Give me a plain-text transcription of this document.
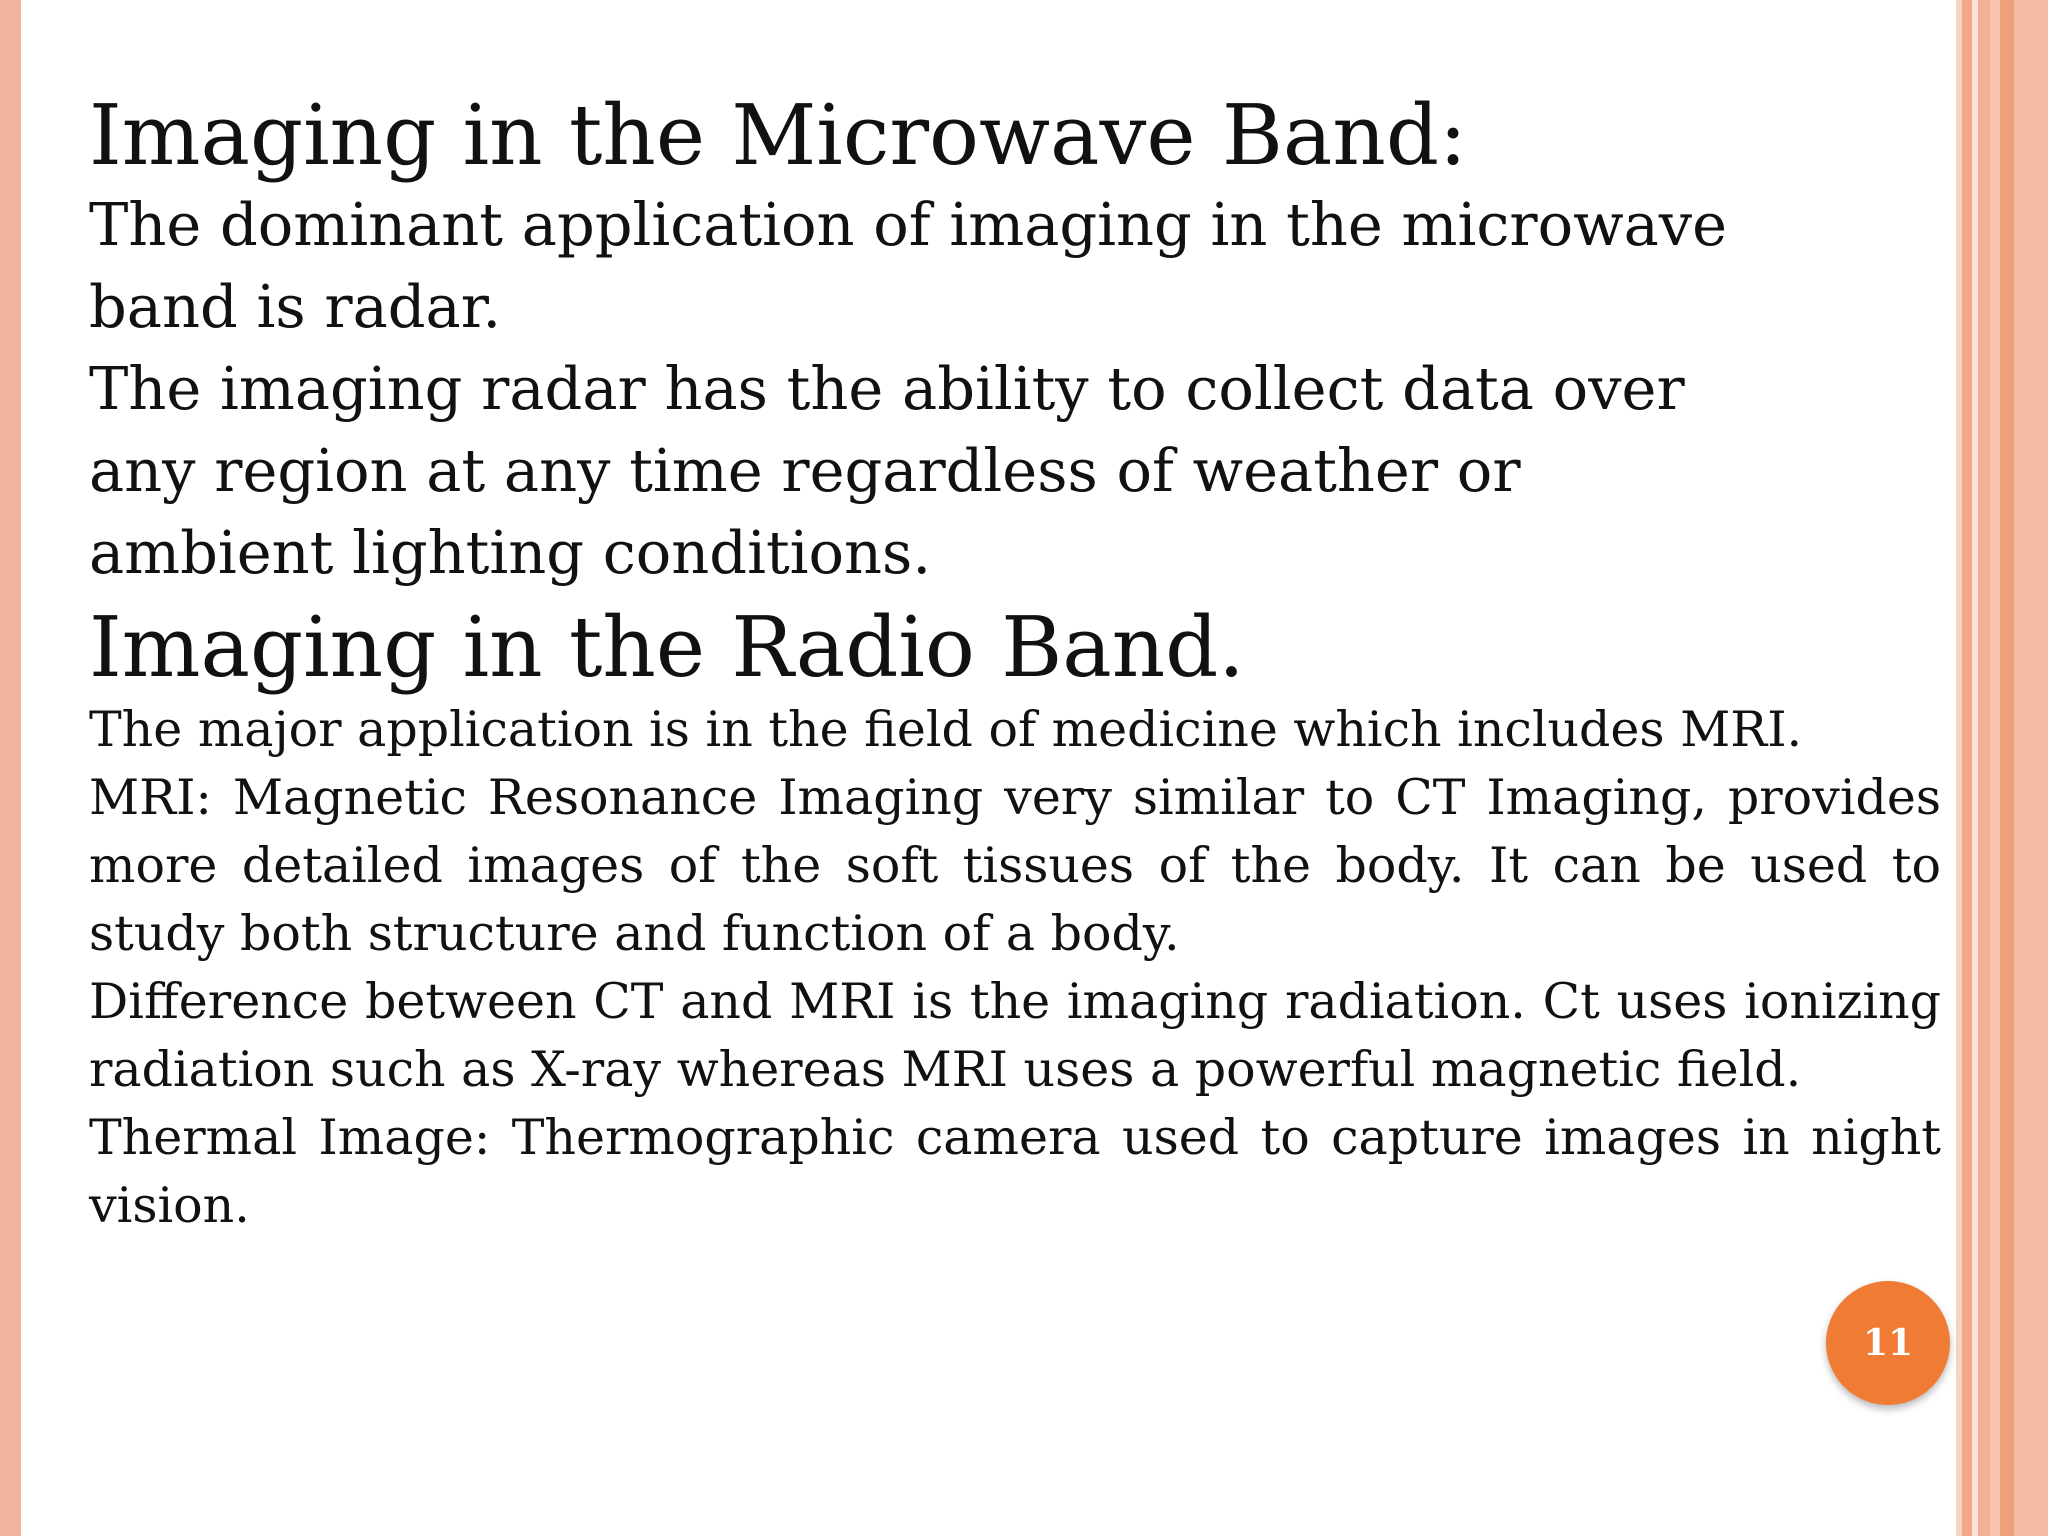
Imaging in the Microwave Band:

The dominant application of imaging in the microwave

band is radar.

The imaging radar has the ability to collect data over

any region at any time regardless of weather or

ambient lighting conditions.

Imaging in the Radio Band.

The major application is in the field of medicine which includes MRI.

MRI: Magnetic Resonance Imaging very similar to CT Imaging, provides more detailed images of the soft tissues of the body. It can be used to study both structure and function of a body.

Difference between CT and MRI is the imaging radiation. Ct uses ionizing radiation such as X-ray whereas MRI uses a powerful magnetic field.

Thermal Image: Thermographic camera used to capture images in night vision.

11
